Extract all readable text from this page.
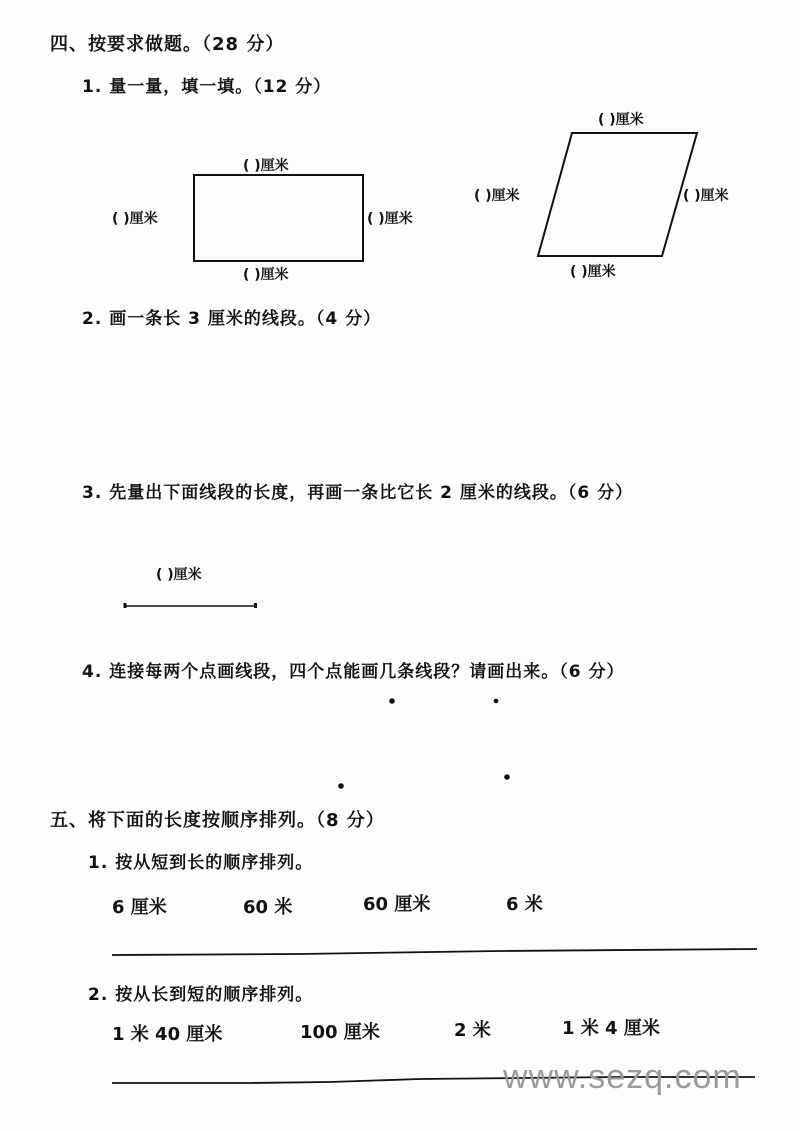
四、按要求做题。（28 分）
1. 量一量，填一填。（12 分）
( )厘米
( )厘米	( )厘米
( )厘米
( )厘米
( )厘米	( )厘米
( )厘米
2. 画一条长 3 厘米的线段。（4 分）
3. 先量出下面线段的长度，再画一条比它长 2 厘米的线段。（6 分）
( )厘米
4. 连接每两个点画线段，四个点能画几条线段？请画出来。（6 分）
五、将下面的长度按顺序排列。（8 分）
1. 按从短到长的顺序排列。
6 厘米	60 米	60 厘米	6 米
2. 按从长到短的顺序排列。
1 米 40 厘米	100 厘米	2 米	1 米 4 厘米
www.sezq.com
